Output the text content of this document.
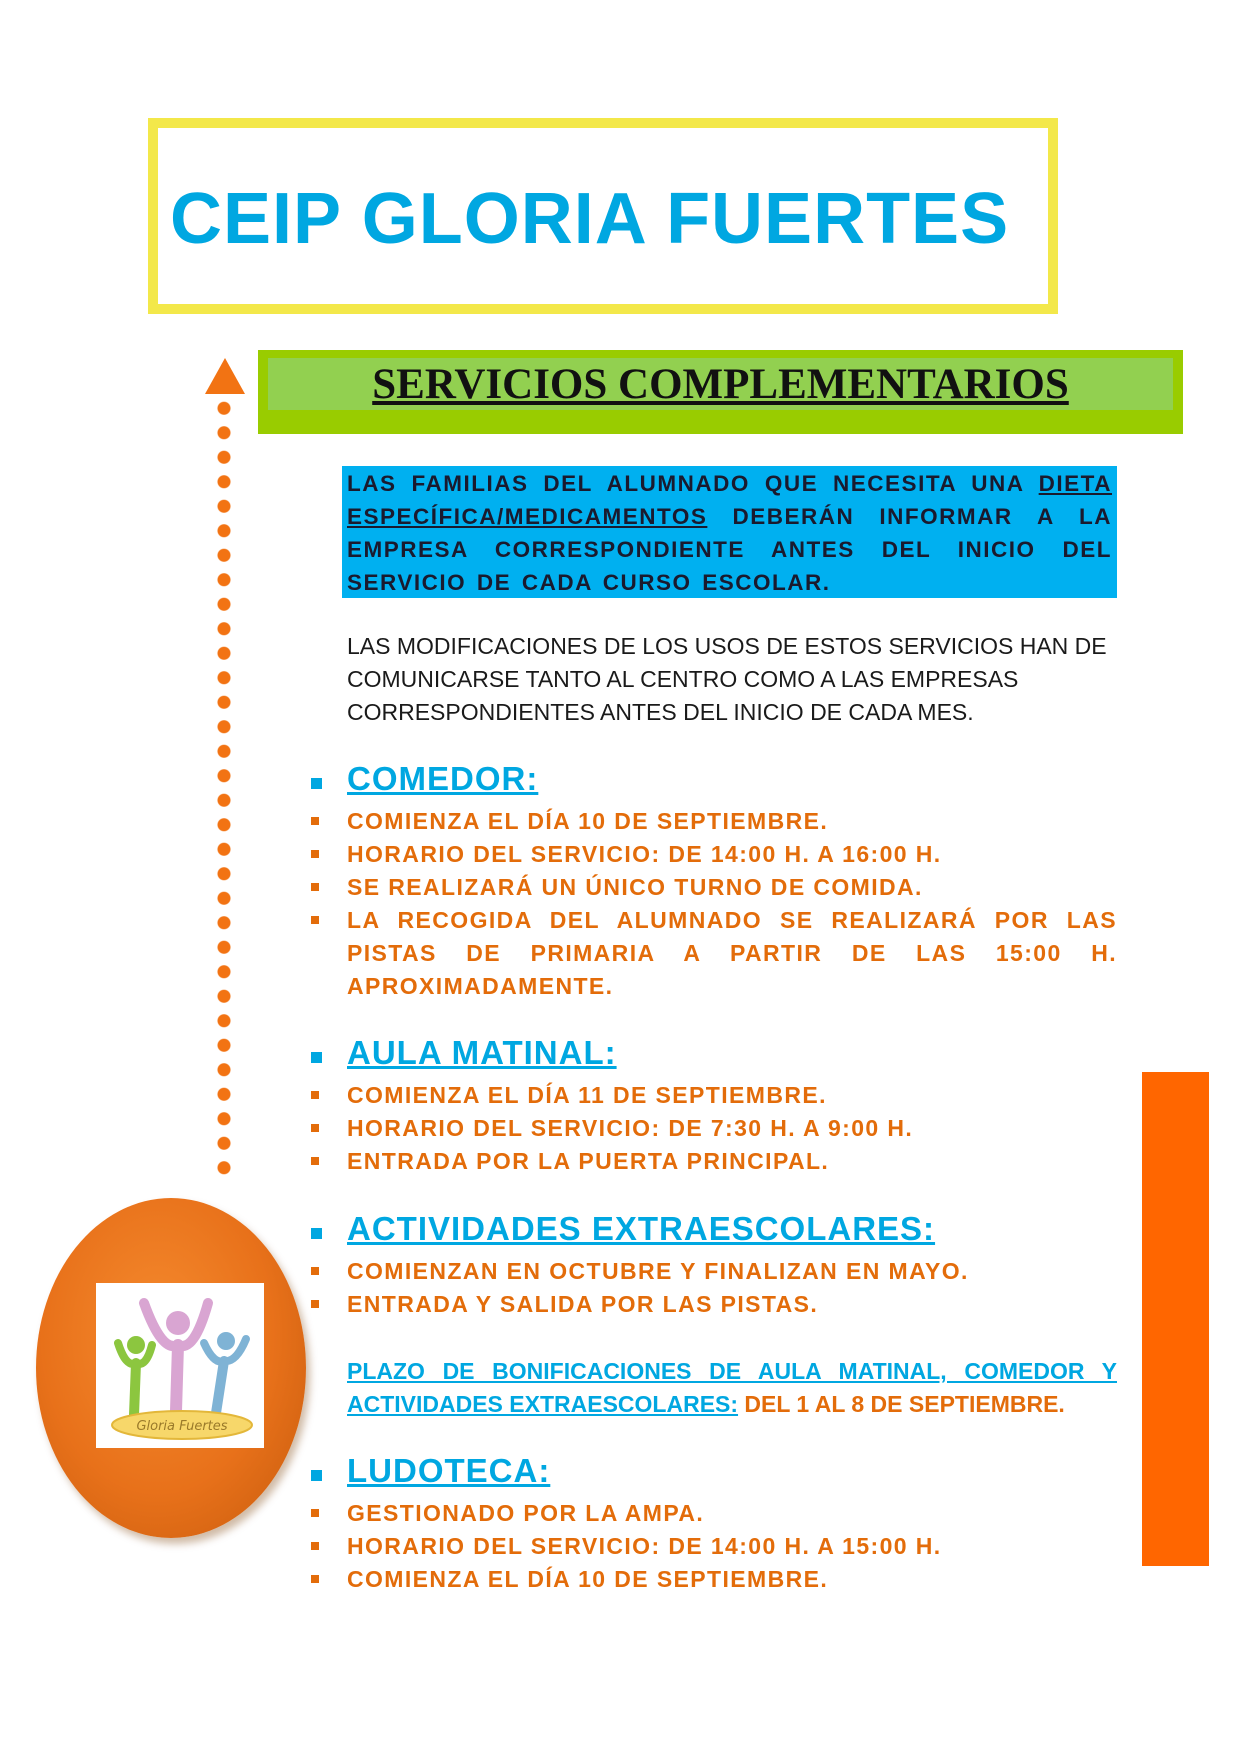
CEIP GLORIA FUERTES
SERVICIOS COMPLEMENTARIOS
LAS FAMILIAS DEL ALUMNADO QUE NECESITA UNA DIETA ESPECÍFICA/MEDICAMENTOS DEBERÁN INFORMAR A LA EMPRESA CORRESPONDIENTE ANTES DEL INICIO DEL SERVICIO DE CADA CURSO ESCOLAR.
LAS MODIFICACIONES DE LOS USOS DE ESTOS SERVICIOS HAN DE COMUNICARSE TANTO AL CENTRO COMO A LAS EMPRESAS CORRESPONDIENTES ANTES DEL INICIO DE CADA MES.
COMEDOR:
COMIENZA EL DÍA 10 DE SEPTIEMBRE.
HORARIO DEL SERVICIO: DE 14:00 H. A 16:00 H.
SE REALIZARÁ UN ÚNICO TURNO DE COMIDA.
LA RECOGIDA DEL ALUMNADO SE REALIZARÁ POR LAS PISTAS DE PRIMARIA A PARTIR DE LAS 15:00 H. APROXIMADAMENTE.
AULA MATINAL:
COMIENZA EL DÍA 11 DE SEPTIEMBRE.
HORARIO DEL SERVICIO: DE 7:30 H. A 9:00 H.
ENTRADA POR LA PUERTA PRINCIPAL.
ACTIVIDADES EXTRAESCOLARES:
COMIENZAN EN OCTUBRE Y FINALIZAN EN MAYO.
ENTRADA Y SALIDA POR LAS PISTAS.
PLAZO DE BONIFICACIONES DE AULA MATINAL, COMEDOR Y ACTIVIDADES EXTRAESCOLARES: DEL 1 AL 8 DE SEPTIEMBRE.
LUDOTECA:
GESTIONADO POR LA AMPA.
HORARIO DEL SERVICIO: DE 14:00 H. A 15:00 H.
COMIENZA EL DÍA 10 DE SEPTIEMBRE.
Gloria Fuertes
